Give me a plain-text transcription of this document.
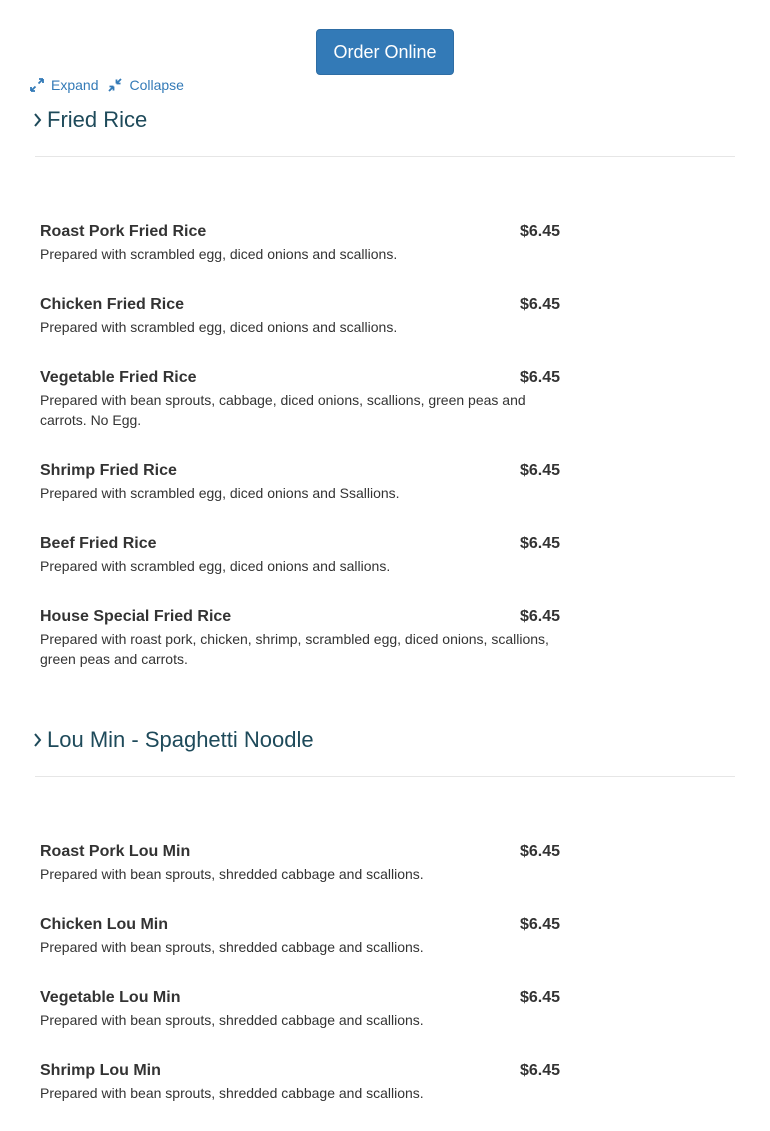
Order Online
Expand Collapse
Fried Rice
Roast Pork Fried Rice	$6.45
Prepared with scrambled egg, diced onions and scallions.
Chicken Fried Rice	$6.45
Prepared with scrambled egg, diced onions and scallions.
Vegetable Fried Rice	$6.45
Prepared with bean sprouts, cabbage, diced onions, scallions, green peas and carrots. No Egg.
Shrimp Fried Rice	$6.45
Prepared with scrambled egg, diced onions and Ssallions.
Beef Fried Rice	$6.45
Prepared with scrambled egg, diced onions and sallions.
House Special Fried Rice	$6.45
Prepared with roast pork, chicken, shrimp, scrambled egg, diced onions, scallions, green peas and carrots.
Lou Min - Spaghetti Noodle
Roast Pork Lou Min	$6.45
Prepared with bean sprouts, shredded cabbage and scallions.
Chicken Lou Min	$6.45
Prepared with bean sprouts, shredded cabbage and scallions.
Vegetable Lou Min	$6.45
Prepared with bean sprouts, shredded cabbage and scallions.
Shrimp Lou Min	$6.45
Prepared with bean sprouts, shredded cabbage and scallions.
